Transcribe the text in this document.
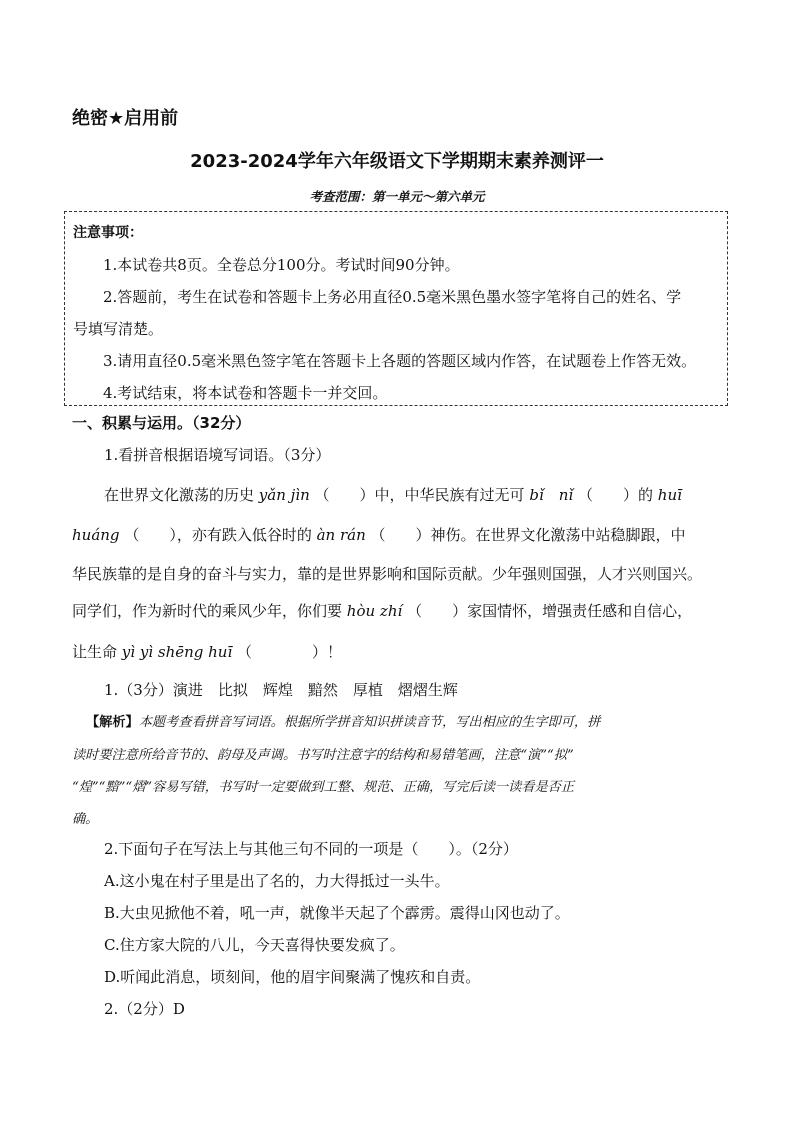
绝密★启用前
2023-2024学年六年级语文下学期期末素养测评一
考查范围：第一单元～第六单元
注意事项：
1.本试卷共8页。全卷总分100分。考试时间90分钟。
2.答题前，考生在试卷和答题卡上务必用直径0.5毫米黑色墨水签字笔将自己的姓名、学
号填写清楚。
3.请用直径0.5毫米黑色签字笔在答题卡上各题的答题区域内作答，在试题卷上作答无效。
4.考试结束，将本试卷和答题卡一并交回。
一、积累与运用。（32分）
1.看拼音根据语境写词语。（3分）
在世界文化激荡的历史 yǎn jìn （　　）中，中华民族有过无可 bǐ　nǐ （　　）的 huī
huáng （　　），亦有跌入低谷时的 àn rán （　　）神伤。在世界文化激荡中站稳脚跟，中
华民族靠的是自身的奋斗与实力，靠的是世界影响和国际贡献。少年强则国强，人才兴则国兴。
同学们，作为新时代的乘风少年，你们要 hòu zhí （　　）家国情怀，增强责任感和自信心，
让生命 yì yì shēng huī （　　　　）！
1.（3分）演进　比拟　辉煌　黯然　厚植　熠熠生辉
【解析】本题考查看拼音写词语。根据所学拼音知识拼读音节，写出相应的生字即可，拼
读时要注意所给音节的、韵母及声调。书写时注意字的结构和易错笔画，注意“演”“拟”
“煌”“黯”“熠”容易写错，书写时一定要做到工整、规范、正确，写完后读一读看是否正
确。
2.下面句子在写法上与其他三句不同的一项是（　　）。（2分）
A.这小鬼在村子里是出了名的，力大得抵过一头牛。
B.大虫见掀他不着，吼一声，就像半天起了个霹雳。震得山冈也动了。
C.住方家大院的八儿，今天喜得快要发疯了。
D.听闻此消息，顷刻间，他的眉宇间聚满了愧疚和自责。
2.（2分）D
